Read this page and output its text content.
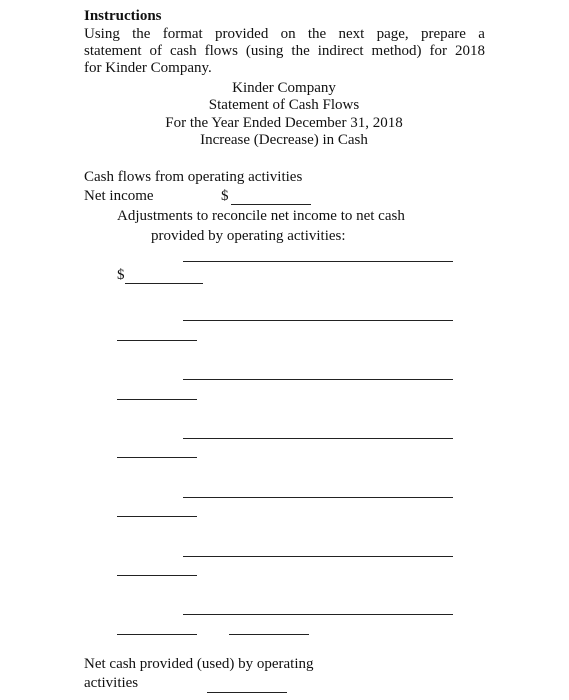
Instructions
Using the format provided on the next page, prepare a
statement of cash flows (using the indirect method) for 2018
for Kinder Company.
Kinder Company
Statement of Cash Flows
For the Year Ended December 31, 2018
Increase (Decrease) in Cash
Cash flows from operating activities
Net income	$
Adjustments to reconcile net income to net cash
provided by operating activities:
$
Net cash provided (used) by operating
activities
